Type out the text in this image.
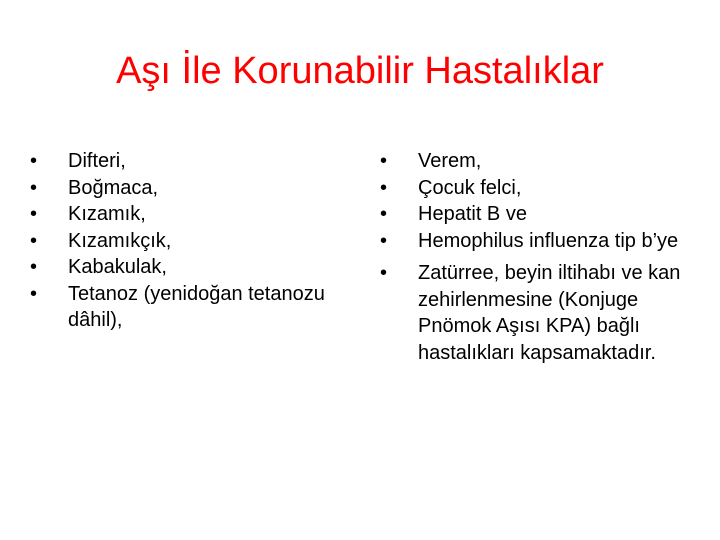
Aşı İle Korunabilir Hastalıklar
•	Difteri,
•	Boğmaca,
•	Kızamık,
•	Kızamıkçık,
•	Kabakulak,
•	Tetanoz (yenidoğan tetanozu dâhil),
•	Verem,
•	Çocuk felci,
•	Hepatit B ve
•	Hemophilus influenza tip b’ye
•	Zatürree, beyin iltihabı ve kan zehirlenmesine (Konjuge Pnömok Aşısı KPA) bağlı hastalıkları kapsamaktadır.
